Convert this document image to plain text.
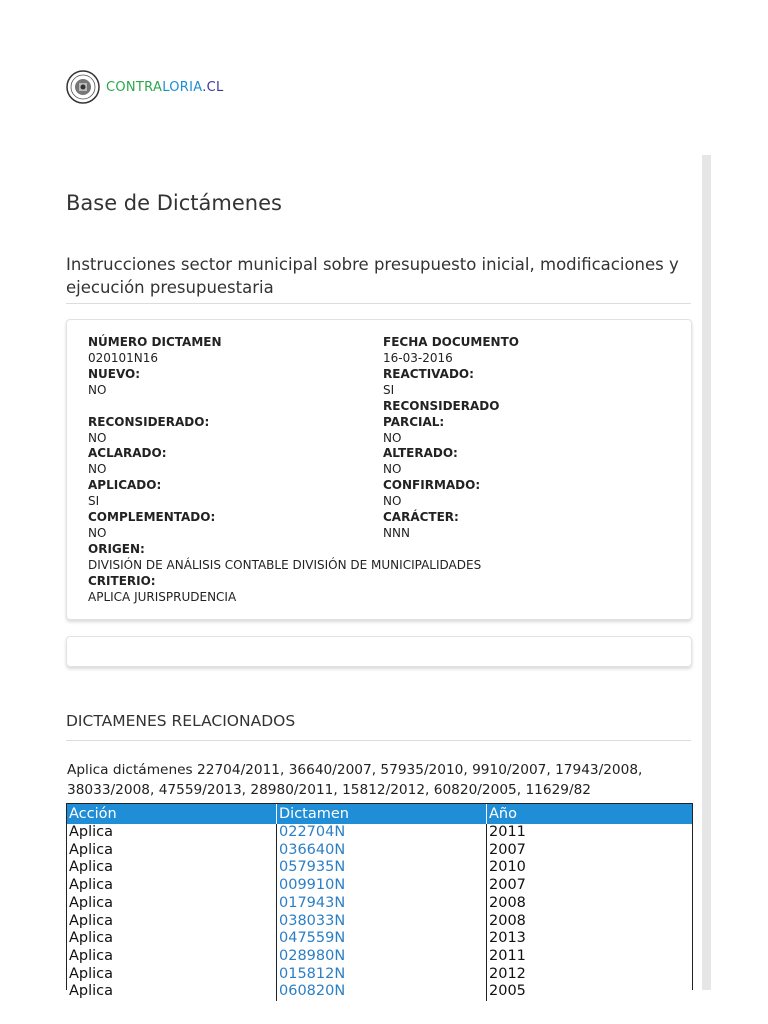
CONTRALORIA.CL
Base de Dictámenes
Instrucciones sector municipal sobre presupuesto inicial, modificaciones y ejecución presupuestaria
NÚMERO DICTAMEN
020101N16
FECHA DOCUMENTO
16-03-2016
NUEVO:
NO
REACTIVADO:
SI
RECONSIDERADO
PARCIAL:
NO
RECONSIDERADO:
NO
ACLARADO:
NO
ALTERADO:
NO
APLICADO:
SI
CONFIRMADO:
NO
COMPLEMENTADO:
NO
CARÁCTER:
NNN
ORIGEN:
DIVISIÓN DE ANÁLISIS CONTABLE DIVISIÓN DE MUNICIPALIDADES
CRITERIO:
APLICA JURISPRUDENCIA
DICTAMENES RELACIONADOS

Aplica dictámenes 22704/2011, 36640/2007, 57935/2010, 9910/2007, 17943/2008, 38033/2008, 47559/2013, 28980/2011, 15812/2012, 60820/2005, 11629/82

Acción	Dictamen	Año
Aplica	022704N	2011
Aplica	036640N	2007
Aplica	057935N	2010
Aplica	009910N	2007
Aplica	017943N	2008
Aplica	038033N	2008
Aplica	047559N	2013
Aplica	028980N	2011
Aplica	015812N	2012
Aplica	060820N	2005
